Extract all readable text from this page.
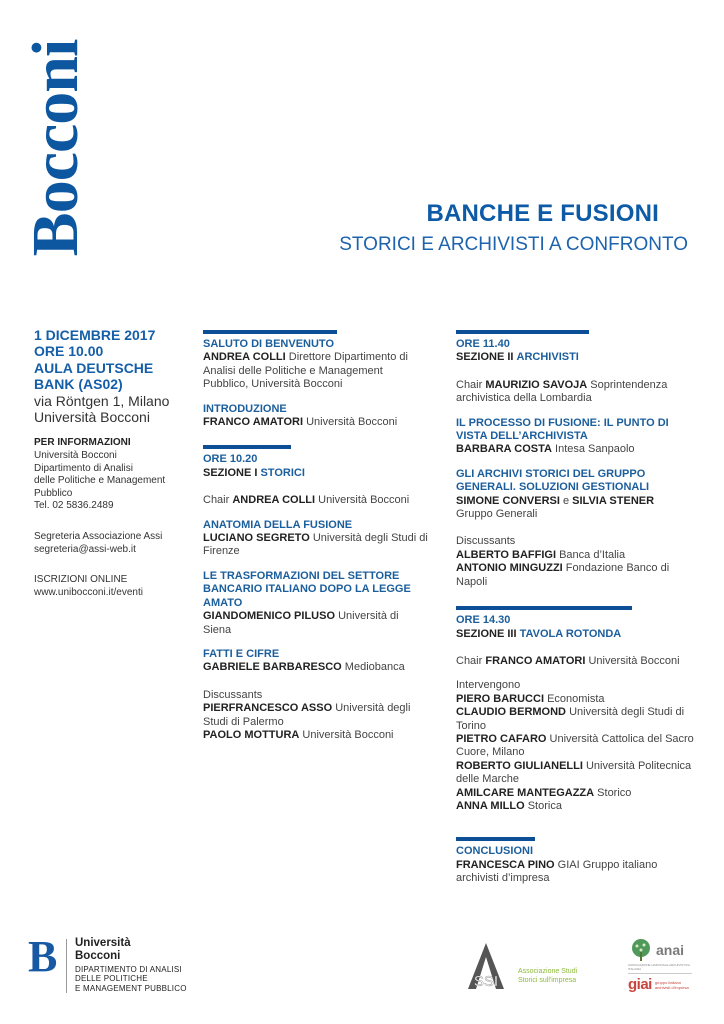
Bocconi	BANCHE E FUSIONI
STORICI E ARCHIVISTI A CONFRONTO
1 DICEMBRE 2017
ORE 10.00
AULA DEUTSCHE
BANK (AS02)
via Röntgen 1, Milano
Università Bocconi
PER INFORMAZIONI
Università Bocconi
Dipartimento di Analisi
delle Politiche e Management
Pubblico
Tel. 02 5836.2489
Segreteria Associazione Assi
segreteria@assi-web.it
ISCRIZIONI ONLINE
www.unibocconi.it/eventi
SALUTO DI BENVENUTO
ANDREA COLLI Direttore Dipartimento di Analisi delle Politiche e Management Pubblico, Università Bocconi
INTRODUZIONE
FRANCO AMATORI Università Bocconi
ORE 10.20
SEZIONE I STORICI
Chair ANDREA COLLI Università Bocconi
ANATOMIA DELLA FUSIONE
LUCIANO SEGRETO Università degli Studi di Firenze
LE TRASFORMAZIONI DEL SETTORE BANCARIO ITALIANO DOPO LA LEGGE AMATO
GIANDOMENICO PILUSO Università di Siena
FATTI E CIFRE
GABRIELE BARBARESCO Mediobanca
Discussants
PIERFRANCESCO ASSO Università degli Studi di Palermo
PAOLO MOTTURA Università Bocconi
ORE 11.40
SEZIONE II ARCHIVISTI
Chair MAURIZIO SAVOJA Soprintendenza archivistica della Lombardia
IL PROCESSO DI FUSIONE: IL PUNTO DI VISTA DELL’ARCHIVISTA
BARBARA COSTA Intesa Sanpaolo
GLI ARCHIVI STORICI DEL GRUPPO GENERALI. SOLUZIONI GESTIONALI
SIMONE CONVERSI e SILVIA STENER
Gruppo Generali
Discussants
ALBERTO BAFFIGI Banca d’Italia
ANTONIO MINGUZZI Fondazione Banco di Napoli
ORE 14.30
SEZIONE III TAVOLA ROTONDA
Chair FRANCO AMATORI Università Bocconi
Intervengono
PIERO BARUCCI Economista
CLAUDIO BERMOND Università degli Studi di Torino
PIETRO CAFARO Università Cattolica del Sacro Cuore, Milano
ROBERTO GIULIANELLI Università Politecnica delle Marche
AMILCARE MANTEGAZZA Storico
ANNA MILLO Storica
CONCLUSIONI
FRANCESCA PINO GIAI Gruppo italiano archivisti d’impresa
B Università
Bocconi
DIPARTIMENTO DI ANALISI
DELLE POLITICHE
E MANAGEMENT PUBBLICO	SSI
Associazione Studi
Storici sull'impresa
anai
ASSOCIAZIONE NAZIONALE ARCHIVISTICA ITALIANA
giai gruppo italiano
archivisti d'impresa
